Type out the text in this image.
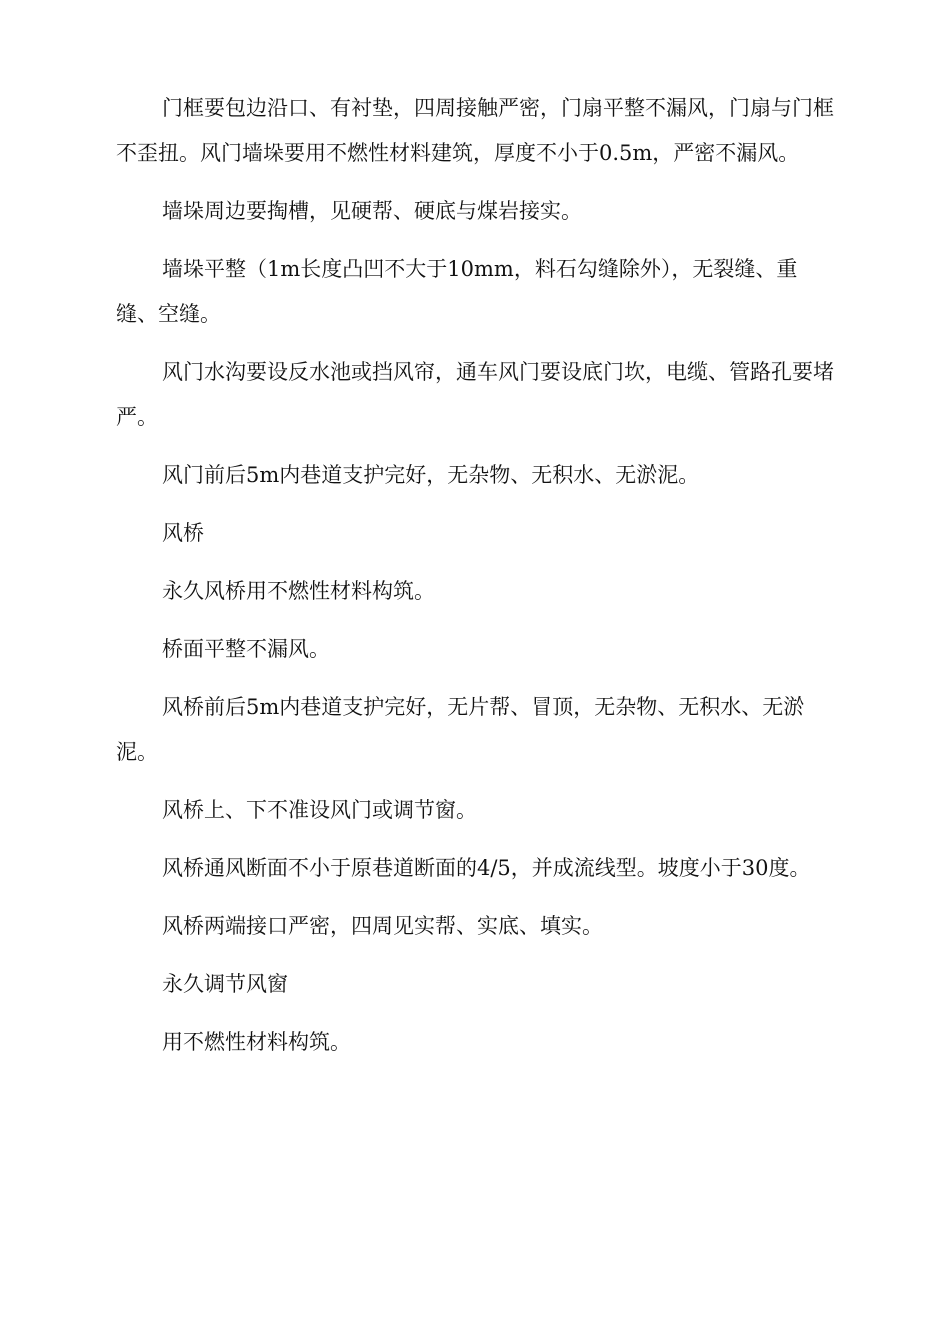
门框要包边沿口、有衬垫，四周接触严密，门扇平整不漏风，门扇与门框不歪扭。风门墙垛要用不燃性材料建筑，厚度不小于0.5m，严密不漏风。

墙垛周边要掏槽，见硬帮、硬底与煤岩接实。

墙垛平整（1m长度凸凹不大于10mm，料石勾缝除外），无裂缝、重缝、空缝。

风门水沟要设反水池或挡风帘，通车风门要设底门坎，电缆、管路孔要堵严。

风门前后5m内巷道支护完好，无杂物、无积水、无淤泥。

风桥

永久风桥用不燃性材料构筑。

桥面平整不漏风。

风桥前后5m内巷道支护完好，无片帮、冒顶，无杂物、无积水、无淤泥。

风桥上、下不准设风门或调节窗。

风桥通风断面不小于原巷道断面的4/5，并成流线型。坡度小于30度。

风桥两端接口严密，四周见实帮、实底、填实。

永久调节风窗

用不燃性材料构筑。
